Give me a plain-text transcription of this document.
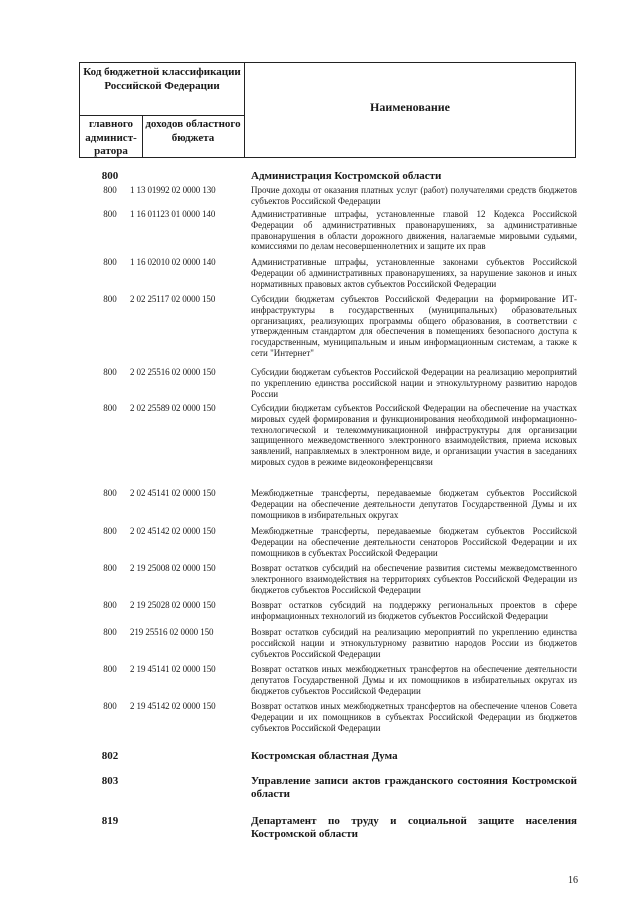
Код бюджетной классификации Российской Федерации
главного админист- ратора
доходов областного бюджета
Наименование
800	Администрация Костромской области
800	1 13 01992 02 0000 130	Прочие доходы от оказания платных услуг (работ) получателями средств бюджетов субъектов Российской Федерации
800	1 16 01123 01 0000 140	Административные штрафы, установленные главой 12 Кодекса Российской Федерации об административных правонарушениях, за административные правонарушения в области дорожного движения, налагаемые мировыми судьями, комиссиями по делам несовершеннолетних и защите их прав
800	1 16 02010 02 0000 140	Административные штрафы, установленные законами субъектов Российской Федерации об административных правонарушениях, за нарушение законов и иных нормативных правовых актов субъектов Российской Федерации
800	2 02 25117 02 0000 150	Субсидии бюджетам субъектов Российской Федерации на формирование ИТ-инфраструктуры в государственных (муниципальных) образовательных организациях, реализующих программы общего образования, в соответствии с утвержденным стандартом для обеспечения в помещениях безопасного доступа к государственным, муниципальным и иным информационным системам, а также к сети "Интернет"
800	2 02 25516 02 0000 150	Субсидии бюджетам субъектов Российской Федерации на реализацию мероприятий по укреплению единства российской нации и этнокультурному развитию народов России
800	2 02 25589 02 0000 150	Субсидии бюджетам субъектов Российской Федерации на обеспечение на участках мировых судей формирования и функционирования необходимой информационно-технологической и телекоммуникационной инфраструктуры для организации защищенного межведомственного электронного взаимодействия, приема исковых заявлений, направляемых в электронном виде, и организации участия в заседаниях мировых судов в режиме видеоконференцсвязи
800	2 02 45141 02 0000 150	Межбюджетные трансферты, передаваемые бюджетам субъектов Российской Федерации на обеспечение деятельности депутатов Государственной Думы и их помощников в избирательных округах
800	2 02 45142 02 0000 150	Межбюджетные трансферты, передаваемые бюджетам субъектов Российской Федерации на обеспечение деятельности сенаторов Российской Федерации и их помощников в субъектах Российской Федерации
800	2 19 25008 02 0000 150	Возврат остатков субсидий на обеспечение развития системы межведомственного электронного взаимодействия на территориях субъектов Российской Федерации из бюджетов субъектов Российской Федерации
800	2 19 25028 02 0000 150	Возврат остатков субсидий на поддержку региональных проектов в сфере информационных технологий из бюджетов субъектов Российской Федерации
800	219 25516 02 0000 150	Возврат остатков субсидий на реализацию мероприятий по укреплению единства российской нации и этнокультурному развитию народов России из бюджетов субъектов Российской Федерации
800	2 19 45141 02 0000 150	Возврат остатков иных межбюджетных трансфертов на обеспечение деятельности депутатов Государственной Думы и их помощников в избирательных округах из бюджетов субъектов Российской Федерации
800	2 19 45142 02 0000 150	Возврат остатков иных межбюджетных трансфертов на обеспечение членов Совета Федерации и их помощников в субъектах Российской Федерации из бюджетов субъектов Российской Федерации
802	Костромская областная Дума
803	Управление записи актов гражданского состояния Костромской области
819	Департамент по труду и социальной защите населения Костромской области
16
